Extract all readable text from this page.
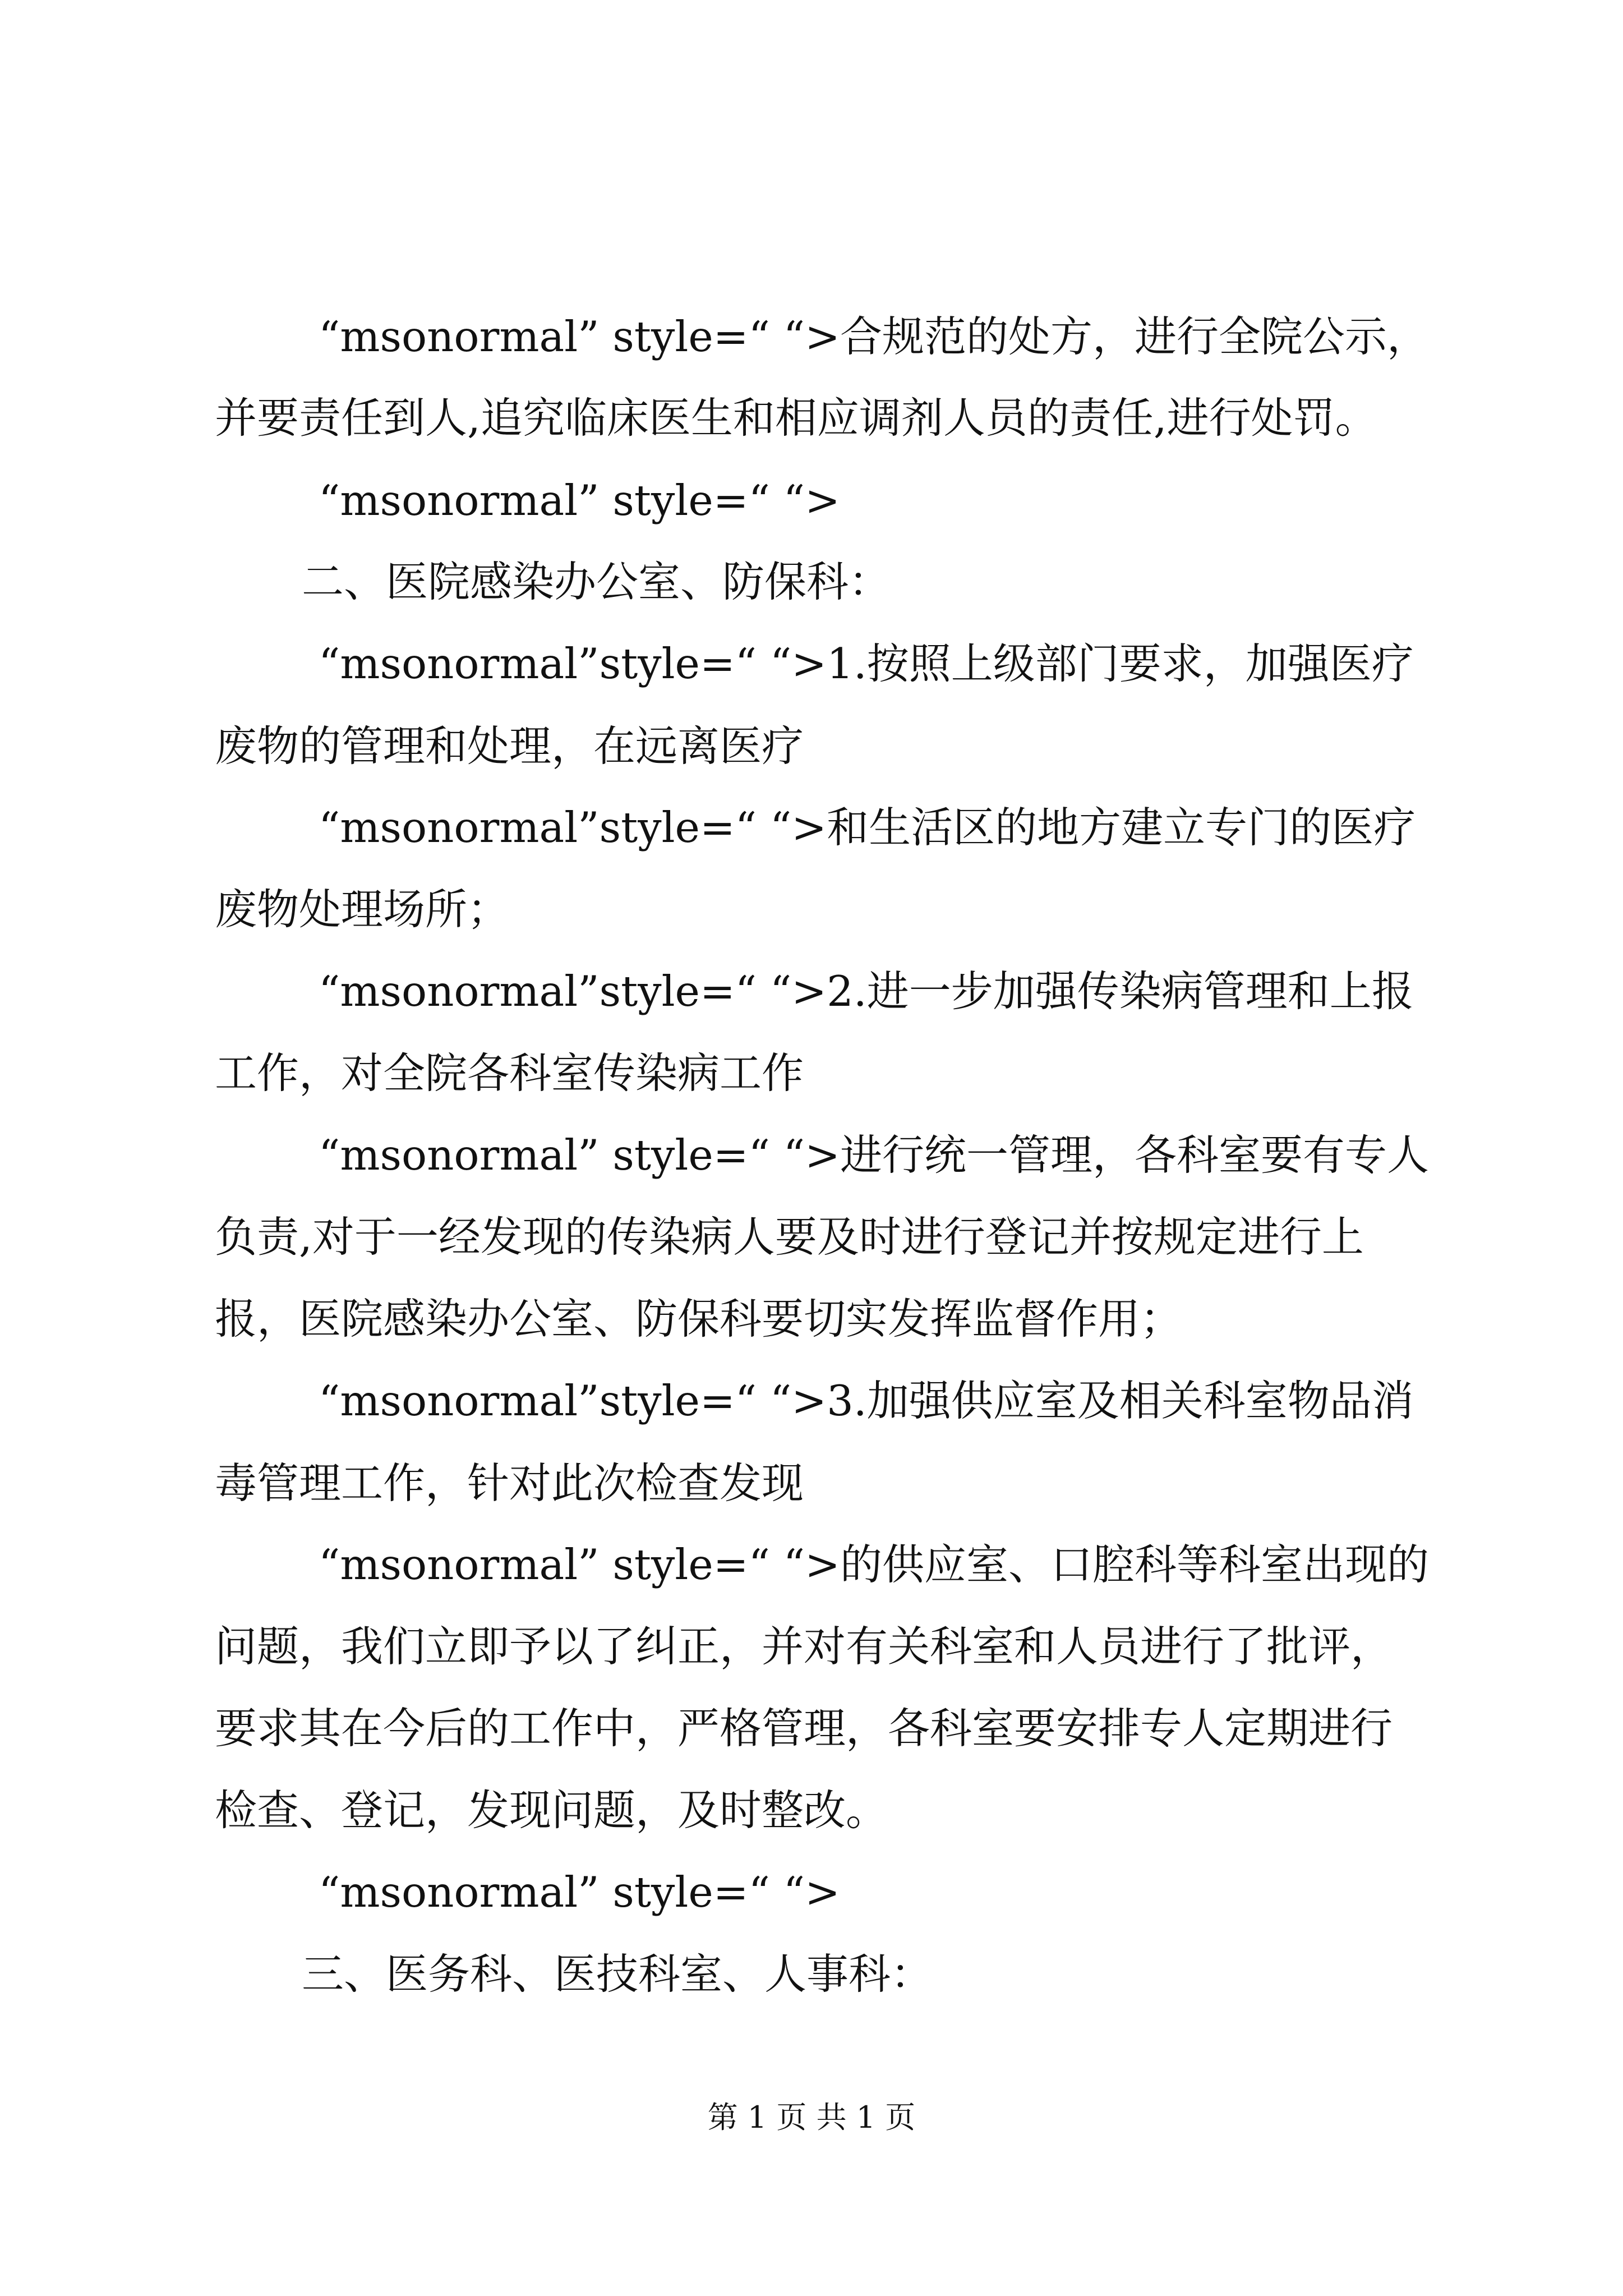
“msonormal” style=“ “>合规范的处方，进行全院公示，
并要责任到人,追究临床医生和相应调剂人员的责任,进行处罚。
“msonormal” style=“ “>
二、医院感染办公室、防保科：
“msonormal”style=“ “>1.按照上级部门要求，加强医疗
废物的管理和处理，在远离医疗
“msonormal”style=“ “>和生活区的地方建立专门的医疗
废物处理场所；
“msonormal”style=“ “>2.进一步加强传染病管理和上报
工作，对全院各科室传染病工作
“msonormal” style=“ “>进行统一管理，各科室要有专人
负责,对于一经发现的传染病人要及时进行登记并按规定进行上
报，医院感染办公室、防保科要切实发挥监督作用；
“msonormal”style=“ “>3.加强供应室及相关科室物品消
毒管理工作，针对此次检查发现
“msonormal” style=“ “>的供应室、口腔科等科室出现的
问题，我们立即予以了纠正，并对有关科室和人员进行了批评，
要求其在今后的工作中，严格管理，各科室要安排专人定期进行
检查、登记，发现问题，及时整改。
“msonormal” style=“ “>
三、医务科、医技科室、人事科：
第 1 页 共 1 页
